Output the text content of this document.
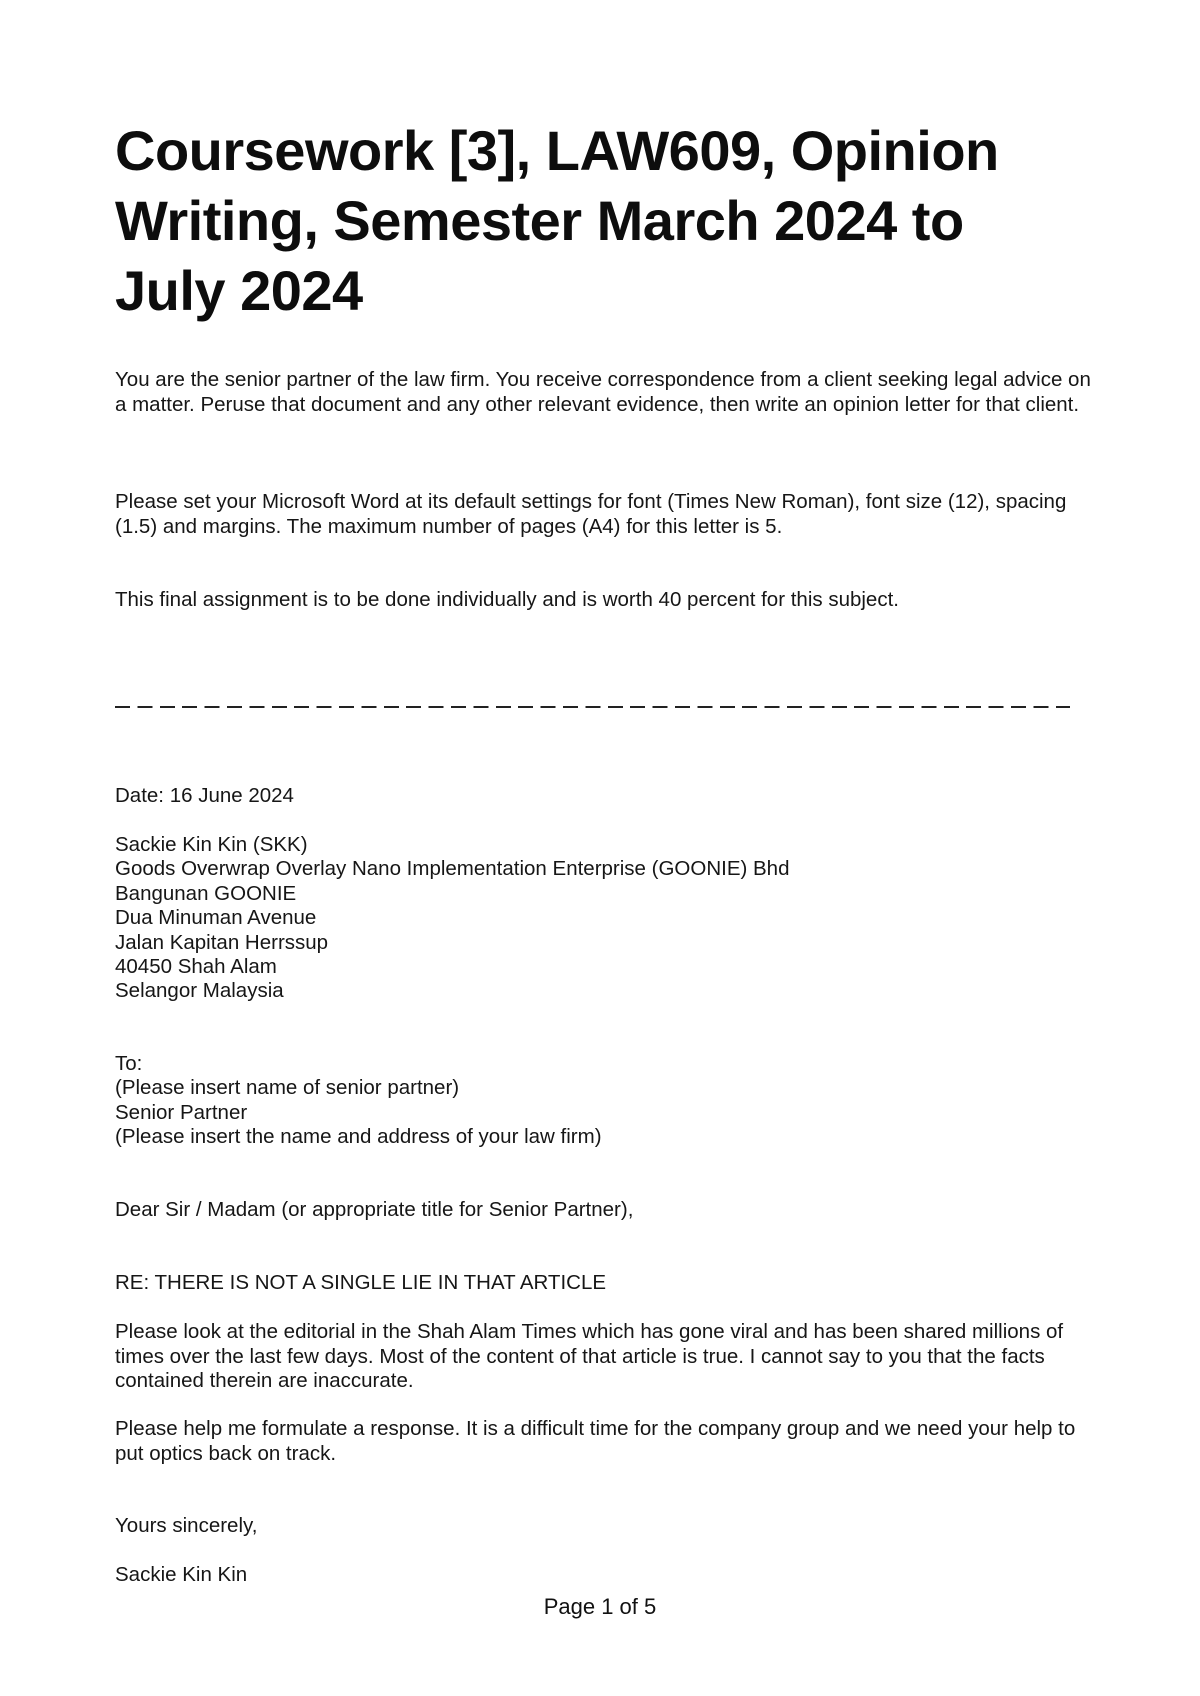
Coursework [3], LAW609, Opinion Writing, Semester March 2024 to July 2024

You are the senior partner of the law firm. You receive correspondence from a client seeking legal advice on a matter. Peruse that document and any other relevant evidence, then write an opinion letter for that client.

Please set your Microsoft Word at its default settings for font (Times New Roman), font size (12), spacing (1.5) and margins. The maximum number of pages (A4) for this letter is 5.

This final assignment is to be done individually and is worth 40 percent for this subject.

Date: 16 June 2024

Sackie Kin Kin (SKK)
Goods Overwrap Overlay Nano Implementation Enterprise (GOONIE) Bhd
Bangunan GOONIE
Dua Minuman Avenue
Jalan Kapitan Herrssup
40450 Shah Alam
Selangor Malaysia
To:
(Please insert name of senior partner)
Senior Partner
(Please insert the name and address of your law firm)

Dear Sir / Madam (or appropriate title for Senior Partner),

RE: THERE IS NOT A SINGLE LIE IN THAT ARTICLE

Please look at the editorial in the Shah Alam Times which has gone viral and has been shared millions of times over the last few days. Most of the content of that article is true. I cannot say to you that the facts contained therein are inaccurate.

Please help me formulate a response. It is a difficult time for the company group and we need your help to put optics back on track.

Yours sincerely,

Sackie Kin Kin

Page 1 of 5
